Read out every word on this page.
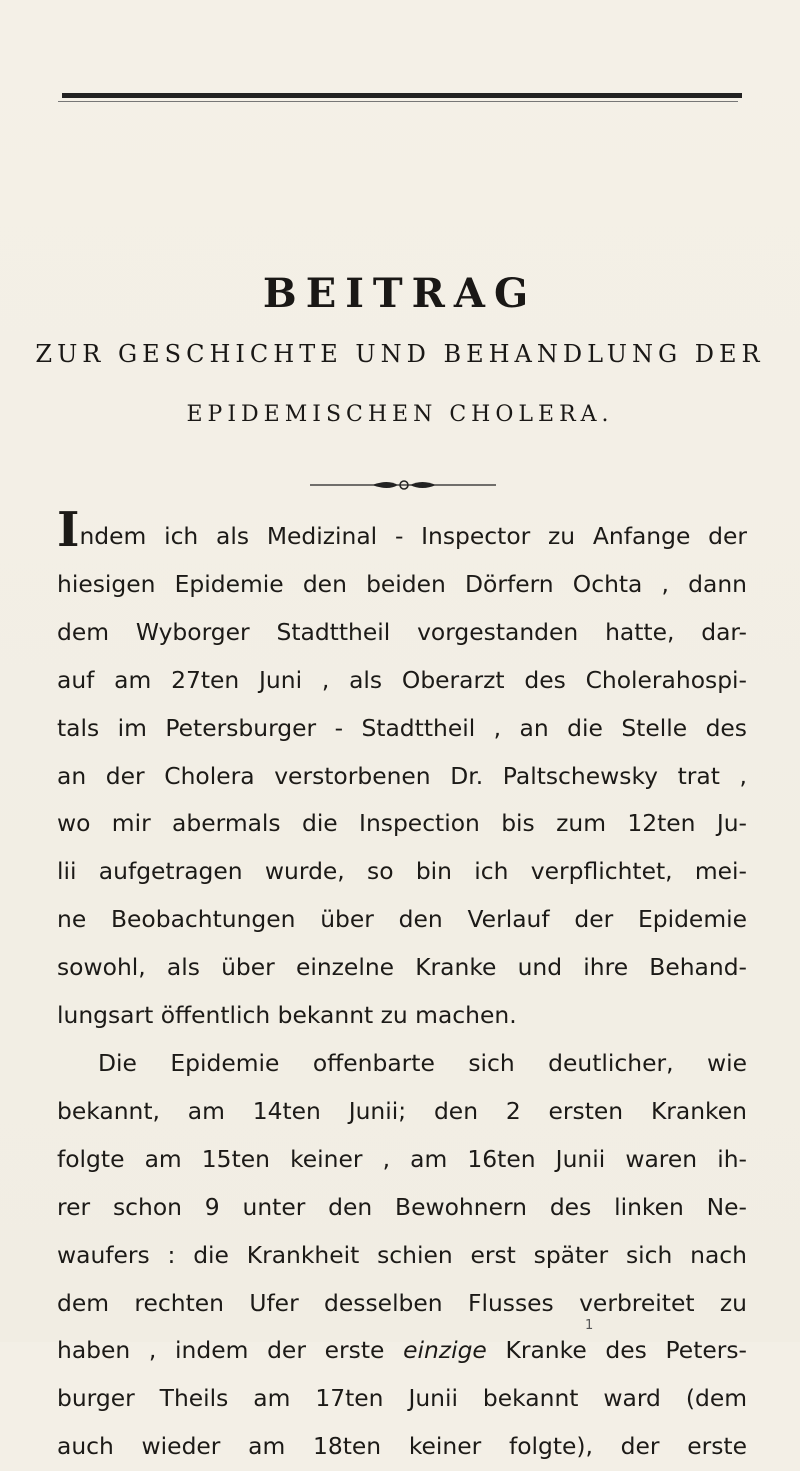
BEITRAG

ZUR GESCHICHTE UND BEHANDLUNG DER

EPIDEMISCHEN CHOLERA.

Indem ich als Medizinal - Inspector zu Anfange der
hiesigen Epidemie den beiden Dörfern Ochta , dann
dem Wyborger Stadttheil vorgestanden hatte, dar-
auf am 27ten Juni , als Oberarzt des Cholerahospi-
tals im Petersburger - Stadttheil , an die Stelle des
an der Cholera verstorbenen Dr. Paltschewsky trat ,
wo mir abermals die Inspection bis zum 12ten Ju-
lii aufgetragen wurde, so bin ich verpflichtet, mei-
ne Beobachtungen über den Verlauf der Epidemie
sowohl, als über einzelne Kranke und ihre Behand-
lungsart öffentlich bekannt zu machen.

Die Epidemie offenbarte sich deutlicher, wie
bekannt, am 14ten Junii; den 2 ersten Kranken
folgte am 15ten keiner , am 16ten Junii waren ih-
rer schon 9 unter den Bewohnern des linken Ne-
waufers : die Krankheit schien erst später sich nach
dem rechten Ufer desselben Flusses verbreitet zu
haben , indem der erste einzige Kranke des Peters-
burger Theils am 17ten Junii bekannt ward (dem
auch wieder am 18ten keiner folgte), der erste

1
